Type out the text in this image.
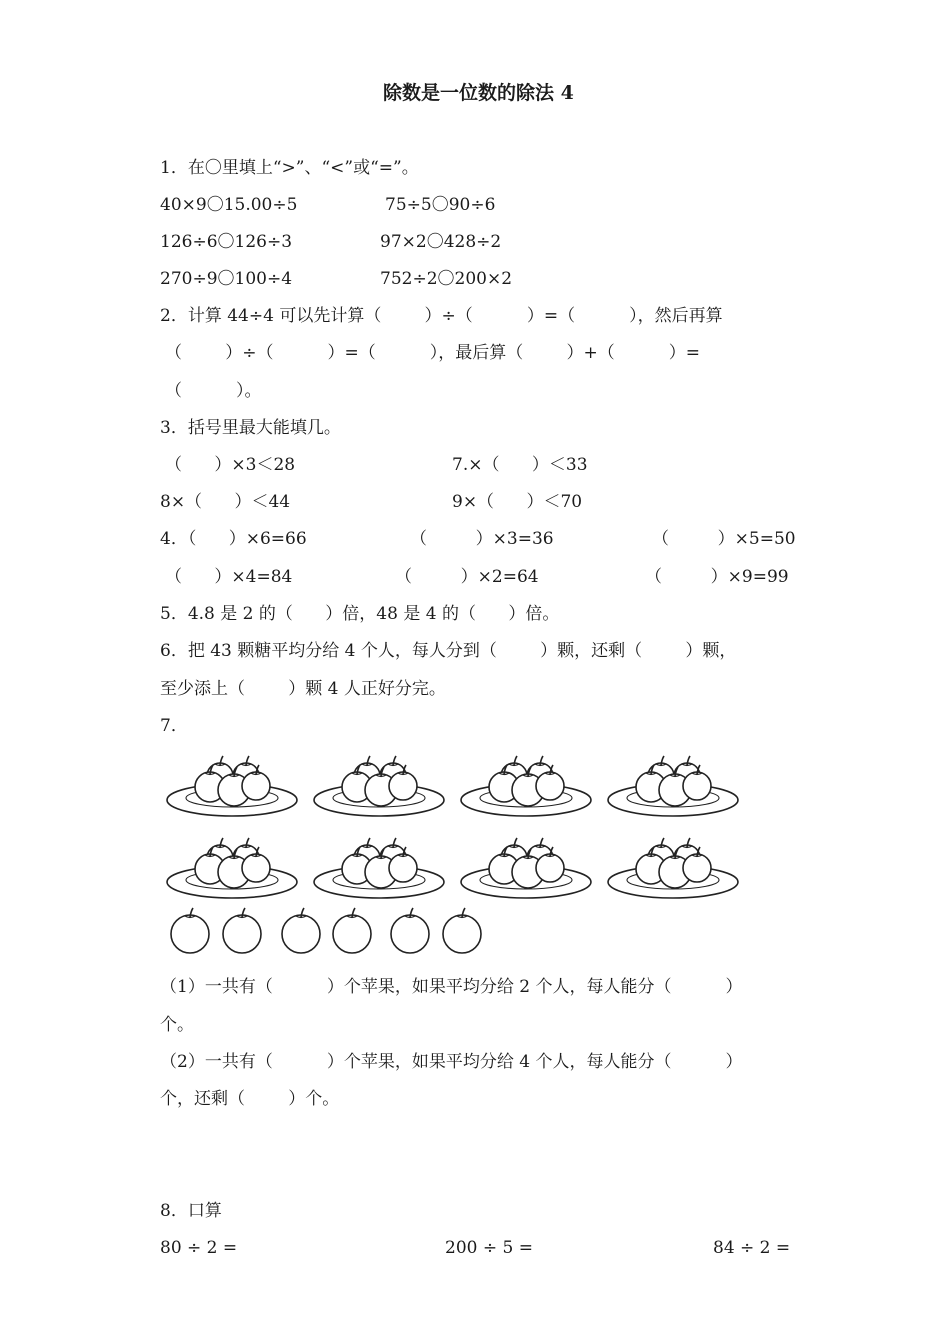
除数是一位数的除法 4
1．在〇里填上“>”、“<”或“=”。
40×9〇15.00÷5	75÷5〇90÷6
126÷6〇126÷3	97×2〇428÷2
270÷9〇100÷4	752÷2〇200×2
2．计算 44÷4 可以先计算（        ）÷（          ）=（          ），然后再算
（        ）÷（          ）=（          ），最后算（        ）+（          ）=
（          ）。
3．括号里最大能填几。
（      ）×3＜28	7.×（      ）＜33
8×（      ）＜44	9×（      ）＜70
4．（      ）×6=66	（         ）×3=36	（         ）×5=50
（      ）×4=84	（         ）×2=64	（         ）×9=99
5．4.8 是 2 的（      ）倍，48 是 4 的（      ）倍。
6．把 43 颗糖平均分给 4 个人，每人分到（        ）颗，还剩（        ）颗，
至少添上（        ）颗 4 人正好分完。
7．
（1）一共有（          ）个苹果，如果平均分给 2 个人，每人能分（          ）
个。
（2）一共有（          ）个苹果，如果平均分给 4 个人，每人能分（          ）
个，还剩（        ）个。
8．口算
80 ÷ 2 =	200 ÷ 5 =	84 ÷ 2 =
